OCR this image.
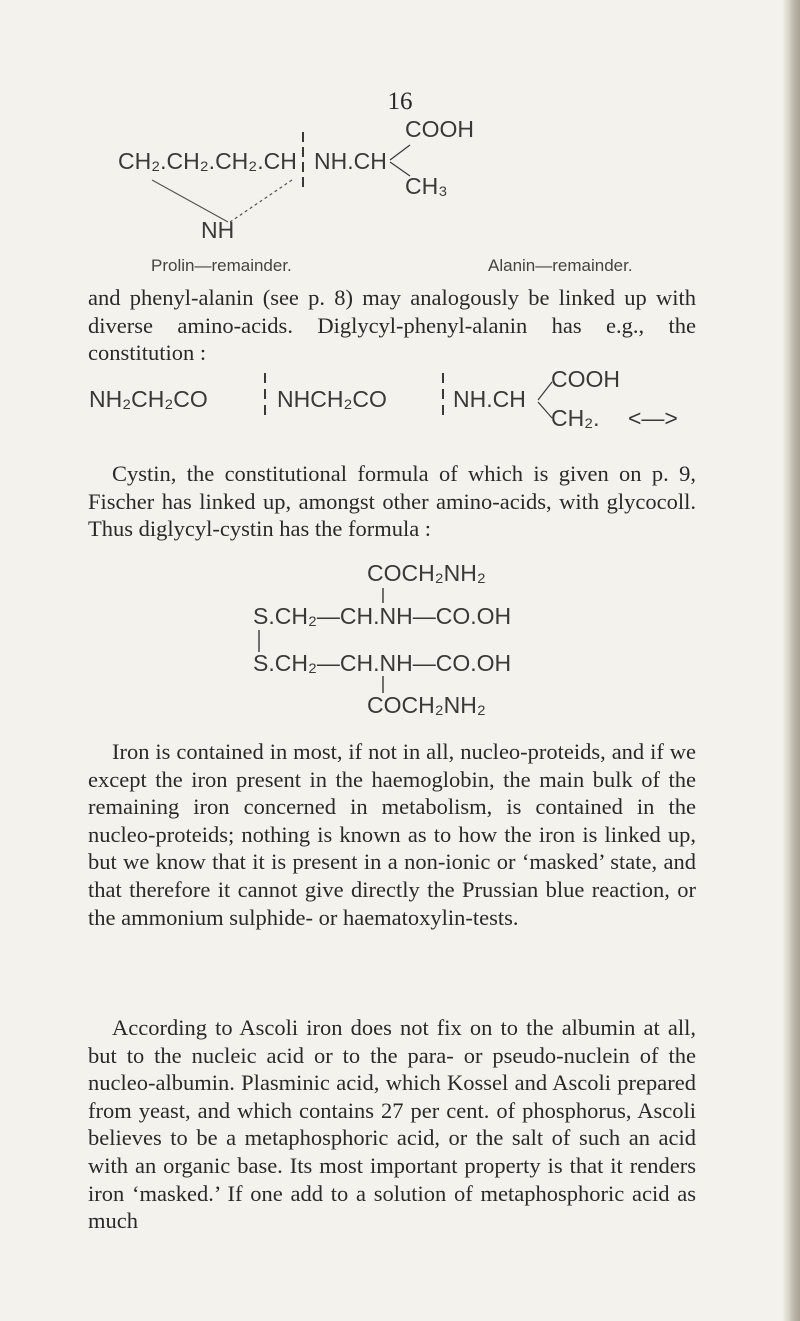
16
CH₂.CH₂.CH₂.CH NH.CH
COOH
CH₃
NH
Prolin—remainder.	Alanin—remainder.

and phenyl-alanin (see p. 8) may analogously be linked up with diverse amino-acids. Diglycyl-phenyl-alanin has e.g., the constitution :

NH₂CH₂CO	NHCH₂CO	NH.CH
COOH
CH₂. <—>

Cystin, the constitutional formula of which is given on p. 9, Fischer has linked up, amongst other amino-acids, with glycocoll. Thus diglycyl-cystin has the formula :

COCH₂NH₂
S.CH₂—CH.NH—CO.OH
S.CH₂—CH.NH—CO.OH
COCH₂NH₂

Iron is contained in most, if not in all, nucleo-proteids, and if we except the iron present in the haemoglobin, the main bulk of the remaining iron concerned in metabolism, is contained in the nucleo-proteids; nothing is known as to how the iron is linked up, but we know that it is present in a non-ionic or ‘masked’ state, and that therefore it cannot give directly the Prussian blue reaction, or the ammonium sulphide- or haematoxylin-tests.

According to Ascoli iron does not fix on to the albumin at all, but to the nucleic acid or to the para- or pseudo-nuclein of the nucleo-albumin. Plasminic acid, which Kossel and Ascoli prepared from yeast, and which contains 27 per cent. of phosphorus, Ascoli believes to be a metaphosphoric acid, or the salt of such an acid with an organic base. Its most important property is that it renders iron ‘masked.’ If one add to a solution of metaphosphoric acid as much
